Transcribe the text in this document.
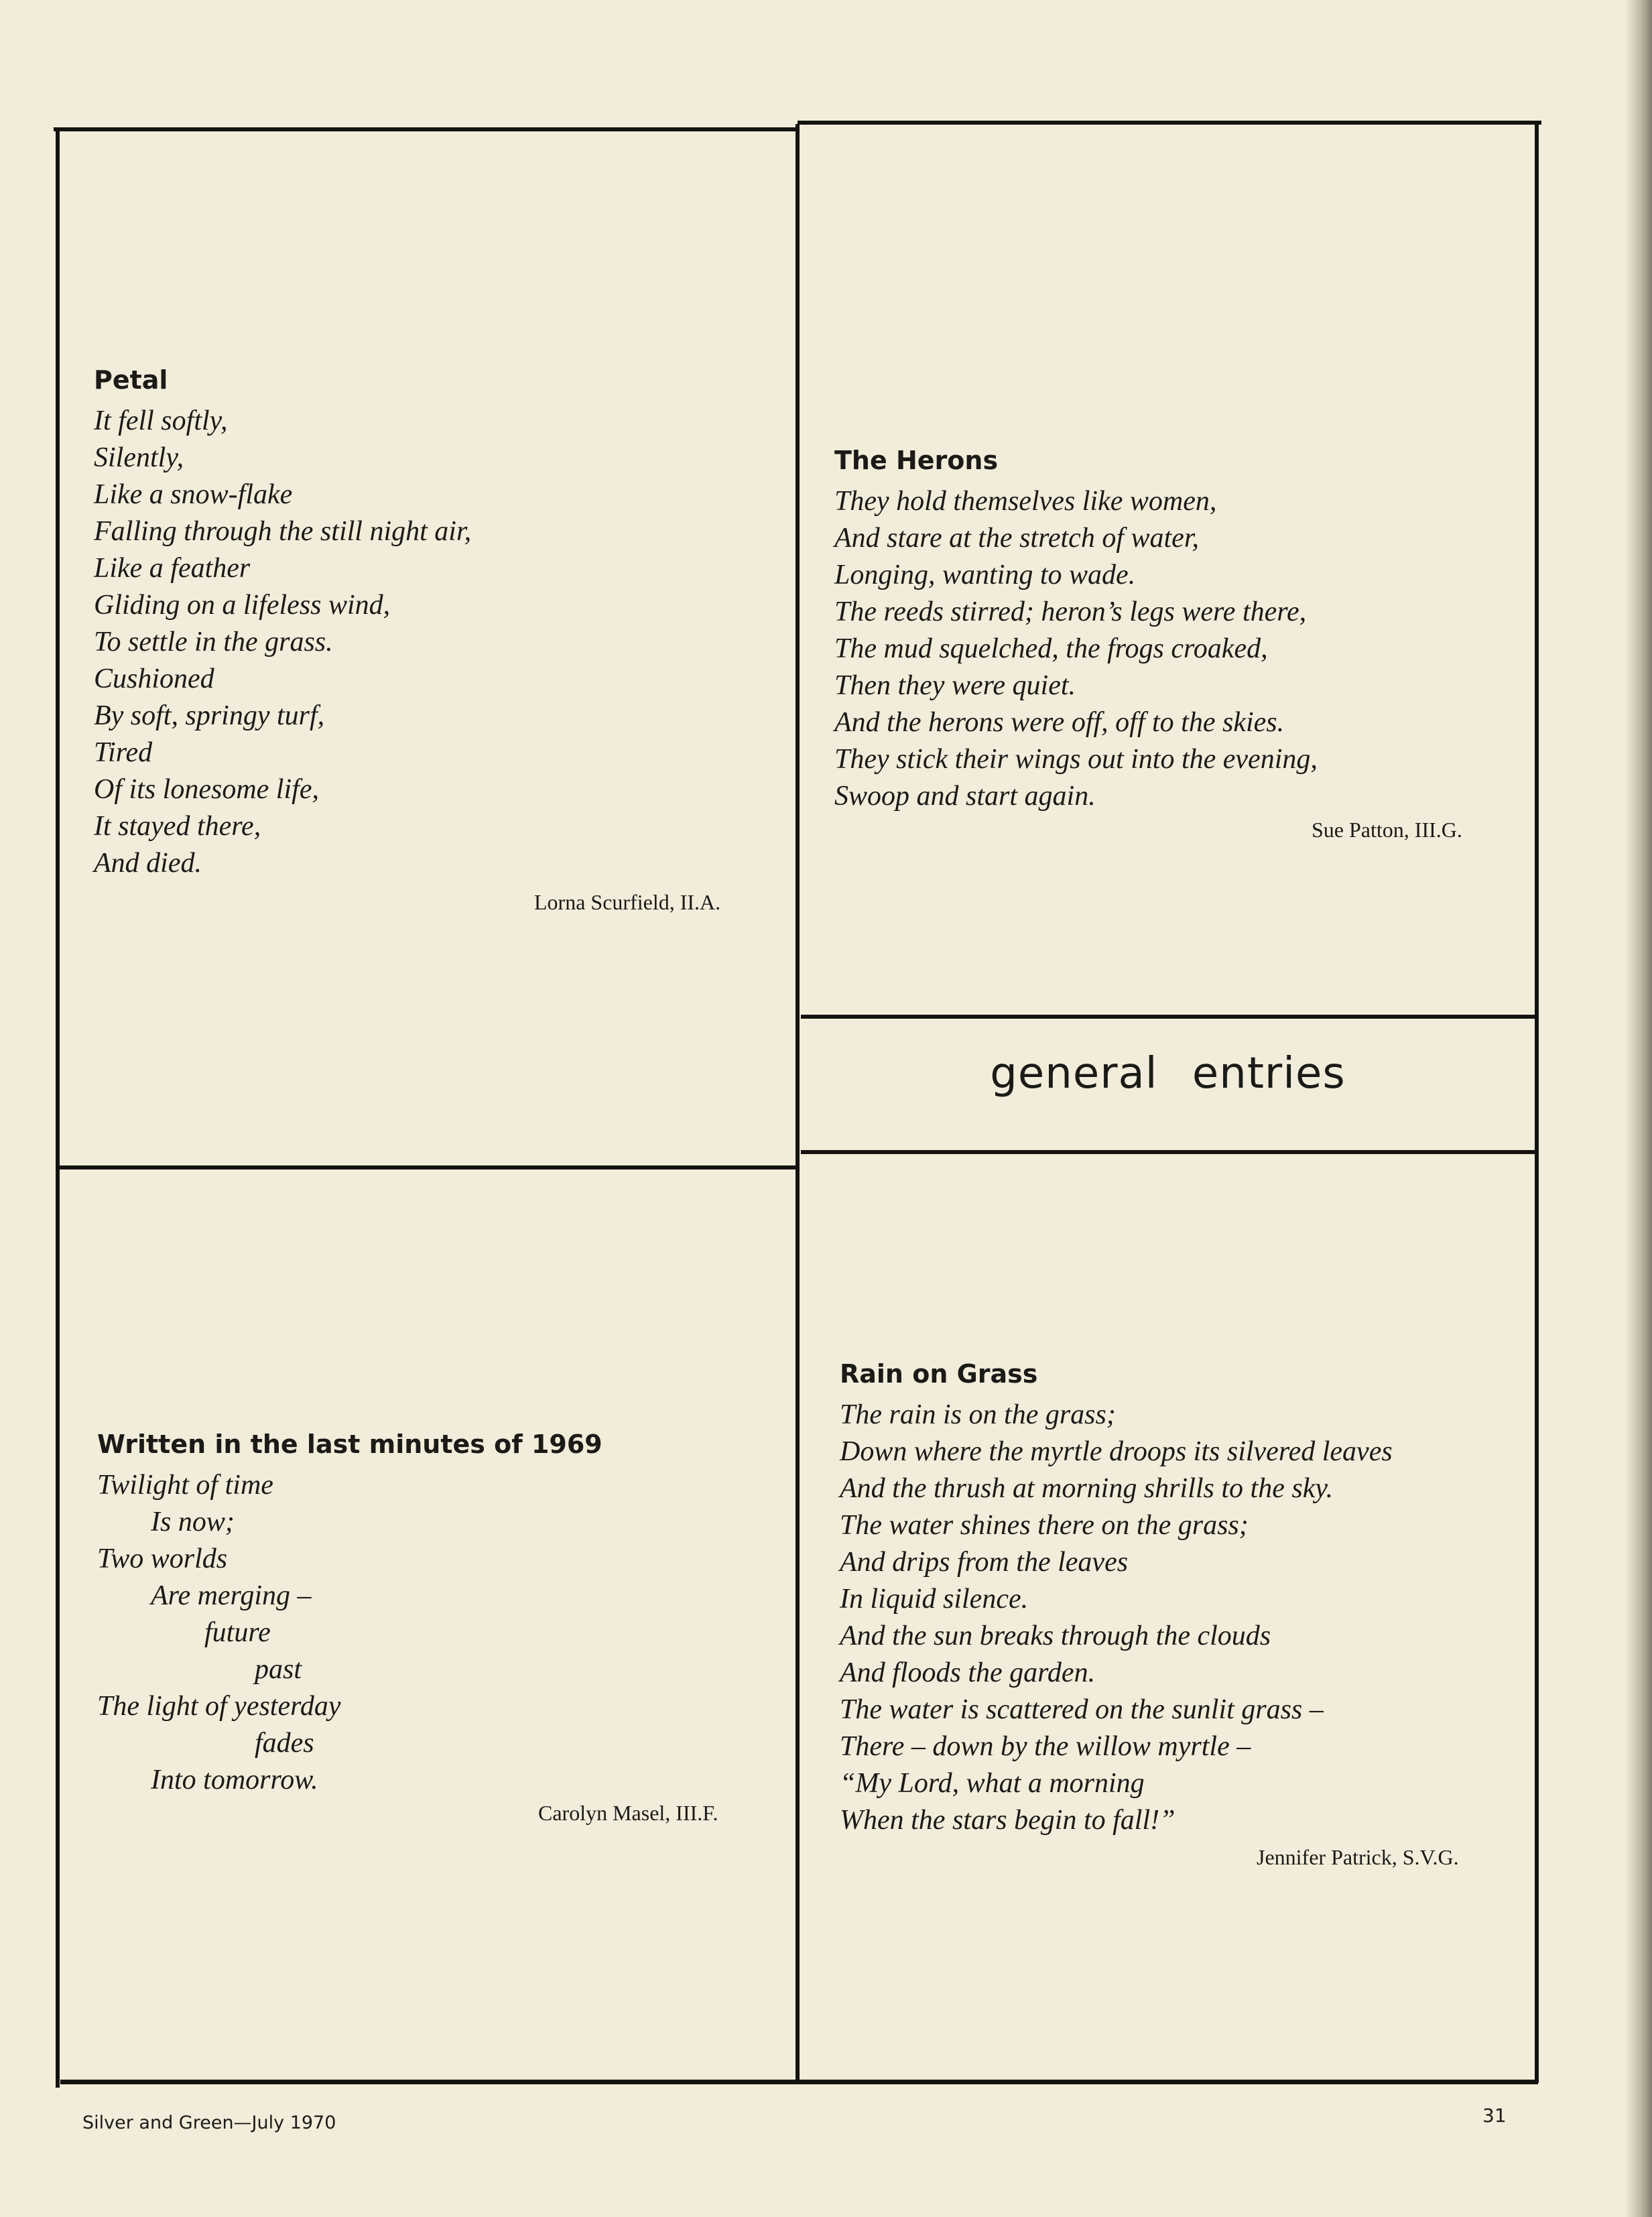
Petal
It fell softly,
Silently,
Like a snow-flake
Falling through the still night air,
Like a feather
Gliding on a lifeless wind,
To settle in the grass.
Cushioned
By soft, springy turf,
Tired
Of its lonesome life,
It stayed there,
And died.
Lorna Scurfield, II.A.
The Herons
They hold themselves like women,
And stare at the stretch of water,
Longing, wanting to wade.
The reeds stirred; heron’s legs were there,
The mud squelched, the frogs croaked,
Then they were quiet.
And the herons were off, off to the skies.
They stick their wings out into the evening,
Swoop and start again.
Sue Patton, III.G.
general entries
Written in the last minutes of 1969
Twilight of time
Is now;
Two worlds
Are merging –
future
past
The light of yesterday
fades
Into tomorrow.
Carolyn Masel, III.F.
Rain on Grass
The rain is on the grass;
Down where the myrtle droops its silvered leaves
And the thrush at morning shrills to the sky.
The water shines there on the grass;
And drips from the leaves
In liquid silence.
And the sun breaks through the clouds
And floods the garden.
The water is scattered on the sunlit grass –
There – down by the willow myrtle –
“My Lord, what a morning
When the stars begin to fall!”
Jennifer Patrick, S.V.G.
Silver and Green—July 1970	31
